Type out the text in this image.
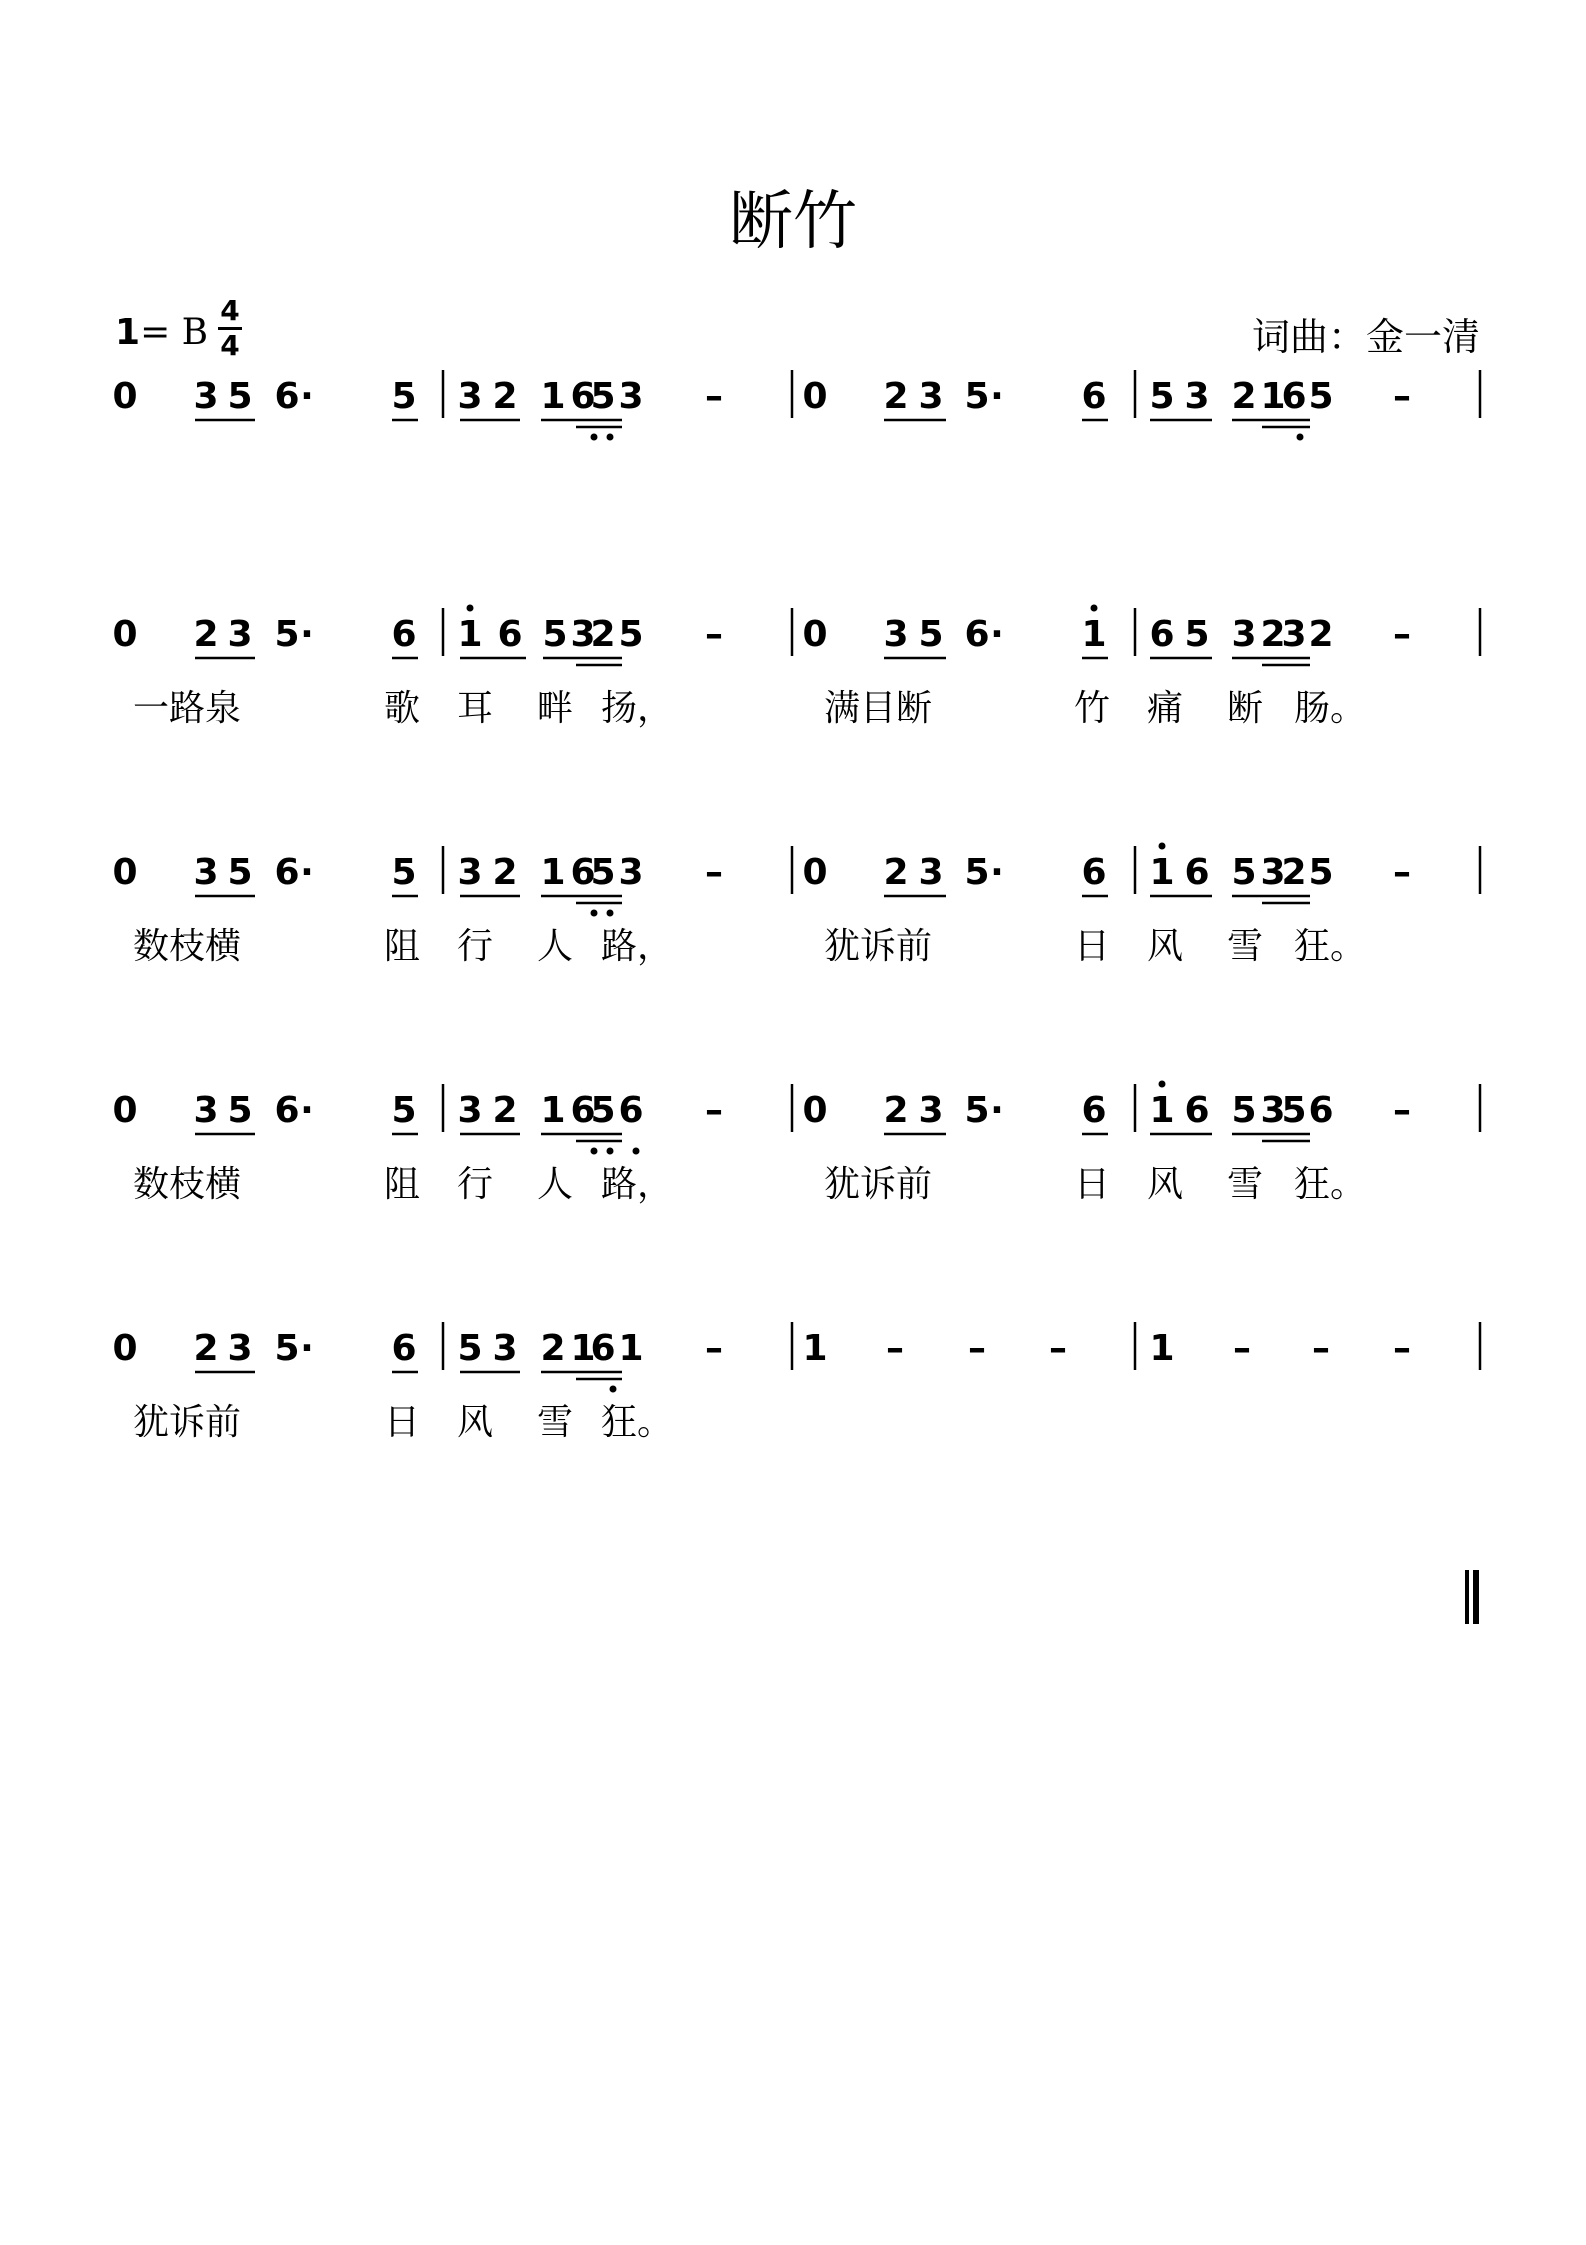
断竹
1= B
4
4	词曲：金一清
0 3 5 6 · 5 3 2 1 6
5 3 – 0 2 3 5 · 6 5 3 2 1
6 5 –
0 2 3 5 · 6 1 6 5 3
2 5 – 0 3 5 6 · 1 6 5 3 2
3 2 –
一路泉	歌 耳 畔 扬，	满目断	竹 痛 断 肠。
0 3 5 6 · 5 3 2 1 6
5 3 – 0 2 3 5 · 6 1 6 5 3
2 5 –
数枝横	阻 行 人 路，	犹诉前	日 风 雪 狂。
0 3 5 6 · 5 3 2 1 6
5 6 – 0 2 3 5 · 6 1 6 5 3
5 6 –
数枝横	阻 行 人 路，	犹诉前	日 风 雪 狂。
0 2 3 5 · 6 5 3 2 1
6 1 – 1 – – – 1 – – –
犹诉前	日 风 雪 狂。
